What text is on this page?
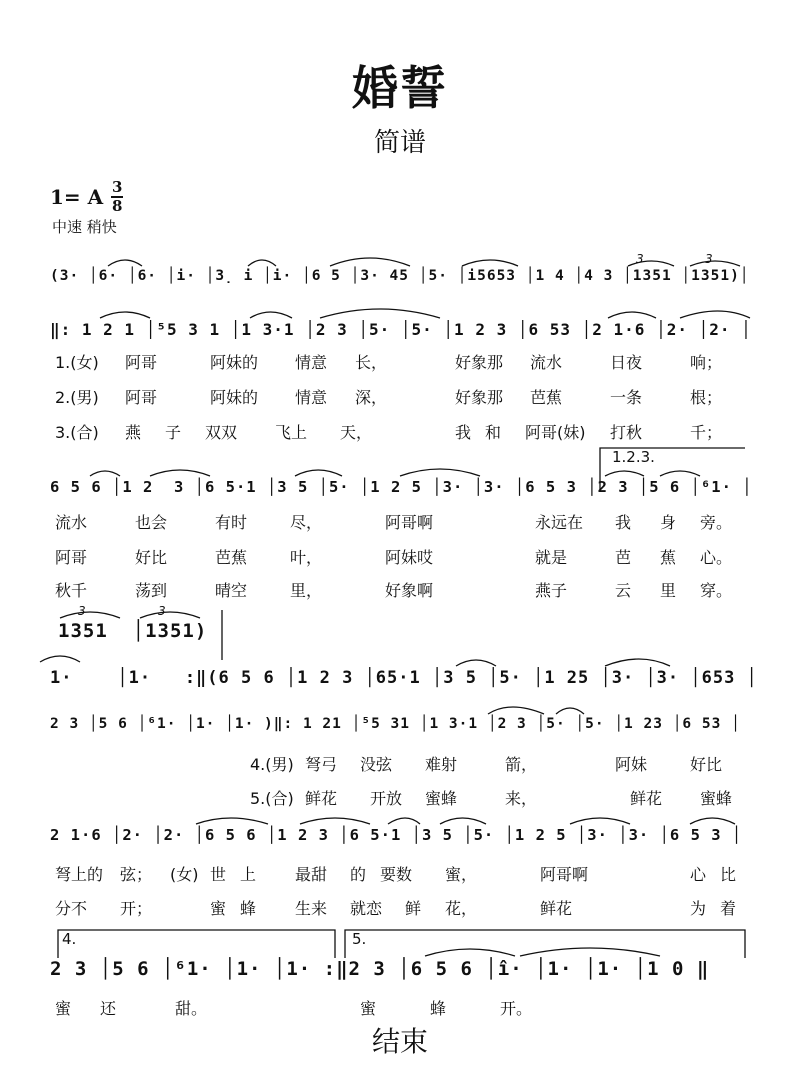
婚誓
简谱
1= A $\frac{3}{8}$
中速 稍快
(3· │6· │6· │i· │3̣ i │i· │6 5 │3· 45 │5· │i5653 │1 4 │4 3 │1351 │1351)│
‖: 1 2 1 │⁵5 3 1 │1 3·1 │2 3 │5· │5· │1 2 3 │6 53 │2 1·6 │2· │2· │
6 5 6 │1 2  3 │6 5·1 │3 5 │5· │1 2 5 │3· │3· │6 5 3 │2 3 │5 6 │⁶1· │
1351  │1351)
1·    │1·   :‖(6 5 6 │1 2 3 │65·1 │3 5 │5· │1 25 │3· │3· │653 │
2 3 │5 6 │⁶1· │1· │1· )‖: 1 21 │⁵5 31 │1 3·1 │2 3 │5· │5· │1 23 │6 53 │
2 1·6 │2· │2· │6 5 6 │1 2 3 │6 5·1 │3 5 │5· │1 2 5 │3· │3· │6 5 3 │
2 3 │5 6 │⁶1· │1· │1· :‖2 3 │6 5 6 │î· │1· │1· │1 0 ‖
1.(女) 阿哥	阿妹的 情意 长，	好象那 流水	日夜	响；
2.(男) 阿哥	阿妹的 情意 深，	好象那 芭蕉	一条	根；
3.(合) 燕 子 双双 飞上 天，	我 和 阿哥(妹) 打秋	千；
流水	也会	有时	尽，	阿哥啊	永远在 我 身 旁。
阿哥	好比	芭蕉	叶，	阿妹哎	就是	芭 蕉 心。
秋千	荡到	晴空	里，	好象啊	燕子	云 里 穿。
4.(男) 弩弓 没弦 难射	箭，	阿妹	好比
5.(合) 鲜花 开放 蜜蜂	来，	鲜花 蜜蜂
弩上的 弦； (女) 世 上 最甜 的 要数 蜜，	阿哥啊	心 比
分不 开；	蜜 蜂 生来 就恋 鲜 花，	鲜花	为 着
蜜 还	甜。	蜜	蜂	开。
1.2.3.
4.	5.
3	3
3	3
结束
